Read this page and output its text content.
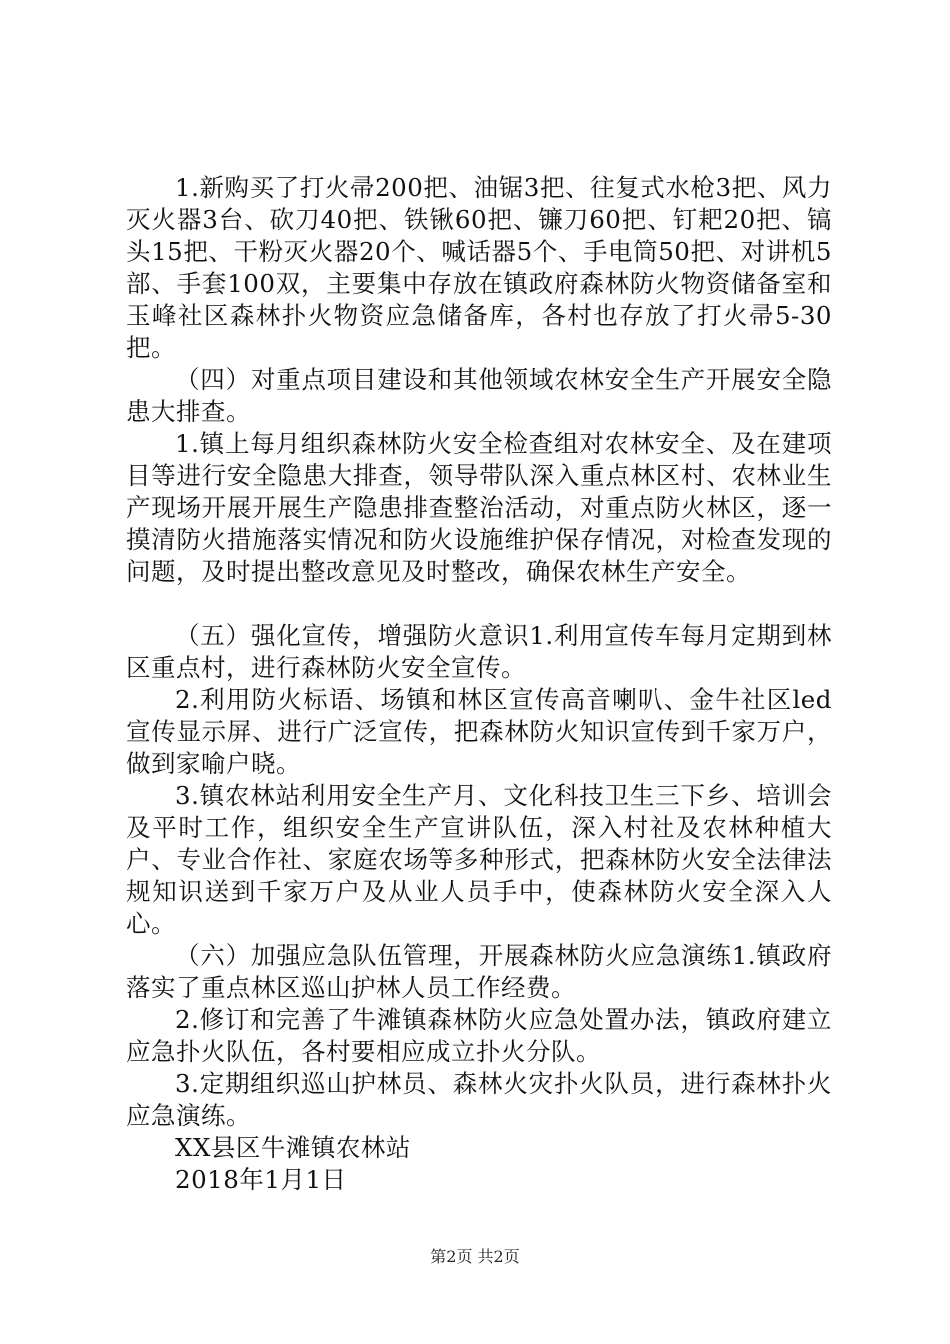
1.新购买了打火帚200把、油锯3把、往复式水枪3把、风力灭火器3台、砍刀40把、铁锹60把、镰刀60把、钉耙20把、镐头15把、干粉灭火器20个、喊话器5个、手电筒50把、对讲机5部、手套100双，主要集中存放在镇政府森林防火物资储备室和玉峰社区森林扑火物资应急储备库，各村也存放了打火帚5-30把。

（四）对重点项目建设和其他领域农林安全生产开展安全隐患大排查。

1.镇上每月组织森林防火安全检查组对农林安全、及在建项目等进行安全隐患大排查，领导带队深入重点林区村、农林业生产现场开展开展生产隐患排查整治活动，对重点防火林区，逐一摸清防火措施落实情况和防火设施维护保存情况，对检查发现的问题，及时提出整改意见及时整改，确保农林生产安全。

（五）强化宣传，增强防火意识1.利用宣传车每月定期到林区重点村，进行森林防火安全宣传。

2.利用防火标语、场镇和林区宣传高音喇叭、金牛社区led宣传显示屏、进行广泛宣传，把森林防火知识宣传到千家万户，做到家喻户晓。

3.镇农林站利用安全生产月、文化科技卫生三下乡、培训会及平时工作，组织安全生产宣讲队伍，深入村社及农林种植大户、专业合作社、家庭农场等多种形式，把森林防火安全法律法规知识送到千家万户及从业人员手中，使森林防火安全深入人心。

（六）加强应急队伍管理，开展森林防火应急演练1.镇政府落实了重点林区巡山护林人员工作经费。

2.修订和完善了牛滩镇森林防火应急处置办法，镇政府建立应急扑火队伍，各村要相应成立扑火分队。

3.定期组织巡山护林员、森林火灾扑火队员，进行森林扑火应急演练。

XX县区牛滩镇农林站

2018年1月1日

第2页 共2页
